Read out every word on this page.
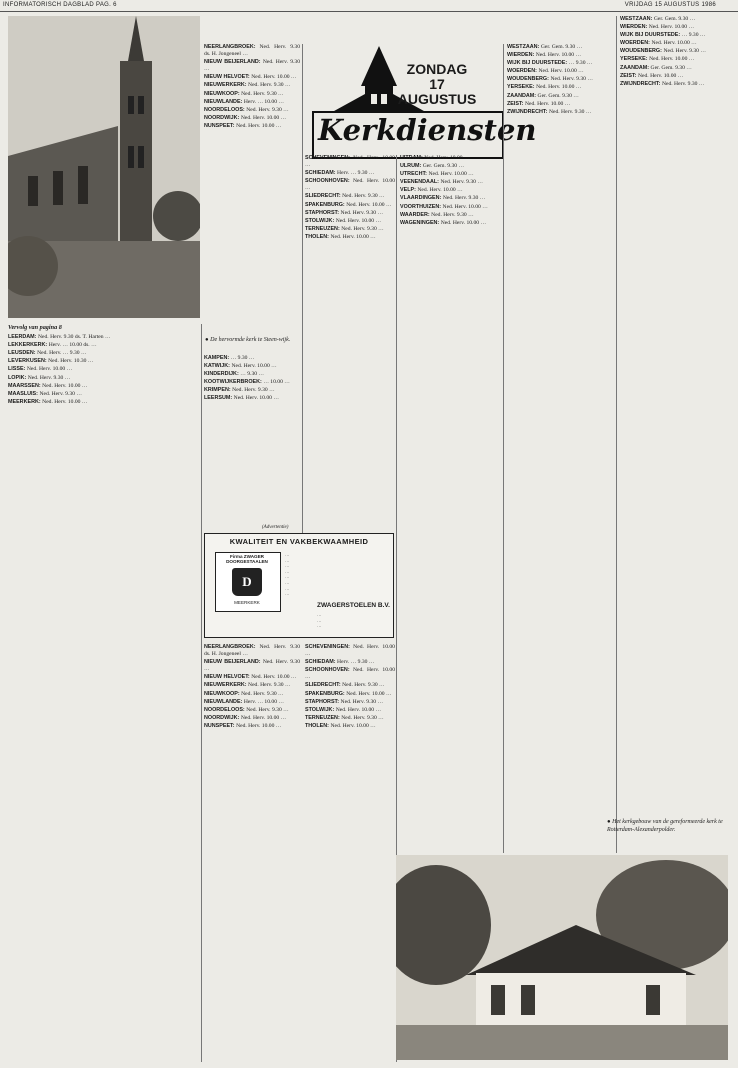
INFORMATORISCH DAGBLAD PAG. 6	VRIJDAG 15 AUGUSTUS 1986
Vervolg van pagina 8
LEERDAM: Ned. Herv. 9.30 ds. T. Harten …
LEKKERKERK: Herv. … 10.00 ds. …
LEUSDEN: Ned. Herv. … 9.30 …
LEVERKUSEN: Ned. Herv. 10.30 …
LISSE: Ned. Herv. 10.00 …
LOPIK: Ned. Herv. 9.30 …
MAARSSEN: Ned. Herv. 10.00 …
MAASLUIS: Ned. Herv. 9.30 …
MEERKERK: Ned. Herv. 10.00 …
NEERLANGBROEK: Ned. Herv. 9.30 ds. H. Jongeneel …
NIEUW BEIJERLAND: Ned. Herv. 9.30 …
NIEUW HELVOET: Ned. Herv. 10.00 …
NIEUWERKERK: Ned. Herv. 9.30 …
NIEUWKOOP: Ned. Herv. 9.30 …
NIEUWLANDE: Herv. … 10.00 …
NOORDELOOS: Ned. Herv. 9.30 …
NOORDWIJK: Ned. Herv. 10.00 …
NUNSPEET: Ned. Herv. 10.00 …
● De hervormde kerk te Steen-wijk.
KAMPEN: … 9.30 …
KATWIJK: Ned. Herv. 10.00 …
KINDERDIJK: … 9.30 …
KOOTWIJKERBROEK: … 10.00 …
KRIMPEN: Ned. Herv. 9.30 …
LEERSUM: Ned. Herv. 10.00 …
ZONDAG
17 AUGUSTUS
Kerkdiensten
NEERLANGBROEK: Ned. Herv. 9.30 ds. H. Jongeneel …
NIEUW BEIJERLAND: Ned. Herv. 9.30 …
NIEUW HELVOET: Ned. Herv. 10.00 …
NIEUWERKERK: Ned. Herv. 9.30 …
NIEUWKOOP: Ned. Herv. 9.30 …
NIEUWLANDE: Herv. … 10.00 …
NOORDELOOS: Ned. Herv. 9.30 …
NOORDWIJK: Ned. Herv. 10.00 …
NUNSPEET: Ned. Herv. 10.00 …
SCHEVENINGEN: Ned. Herv. 10.00 …
SCHIEDAM: Herv. … 9.30 …
SCHOONHOVEN: Ned. Herv. 10.00 …
SLIEDRECHT: Ned. Herv. 9.30 …
SPAKENBURG: Ned. Herv. 10.00 …
STAPHORST: Ned. Herv. 9.30 …
STOLWIJK: Ned. Herv. 10.00 …
TERNEUZEN: Ned. Herv. 9.30 …
THOLEN: Ned. Herv. 10.00 …
SCHEVENINGEN: Ned. Herv. 10.00 …
SCHIEDAM: Herv. … 9.30 …
SCHOONHOVEN: Ned. Herv. 10.00 …
SLIEDRECHT: Ned. Herv. 9.30 …
SPAKENBURG: Ned. Herv. 10.00 …
STAPHORST: Ned. Herv. 9.30 …
STOLWIJK: Ned. Herv. 10.00 …
TERNEUZEN: Ned. Herv. 9.30 …
THOLEN: Ned. Herv. 10.00 …
UITDAM: Ned. Herv. 10.00 …
ULRUM: Ger. Gem. 9.30 …
UTRECHT: Ned. Herv. 10.00 …
VEENENDAAL: Ned. Herv. 9.30 …
VELP: Ned. Herv. 10.00 …
VLAARDINGEN: Ned. Herv. 9.30 …
VOORTHUIZEN: Ned. Herv. 10.00 …
WAARDER: Ned. Herv. 9.30 …
WAGENINGEN: Ned. Herv. 10.00 …
WESTZAAN: Ger. Gem. 9.30 …
WIERDEN: Ned. Herv. 10.00 …
WIJK BIJ DUURSTEDE: … 9.30 …
WOERDEN: Ned. Herv. 10.00 …
WOUDENBERG: Ned. Herv. 9.30 …
YERSEKE: Ned. Herv. 10.00 …
ZAANDAM: Ger. Gem. 9.30 …
ZEIST: Ned. Herv. 10.00 …
ZWIJNDRECHT: Ned. Herv. 9.30 …
WESTZAAN: Ger. Gem. 9.30 …
WIERDEN: Ned. Herv. 10.00 …
WIJK BIJ DUURSTEDE: … 9.30 …
WOERDEN: Ned. Herv. 10.00 …
WOUDENBERG: Ned. Herv. 9.30 …
YERSEKE: Ned. Herv. 10.00 …
ZAANDAM: Ger. Gem. 9.30 …
ZEIST: Ned. Herv. 10.00 …
ZWIJNDRECHT: Ned. Herv. 9.30 …
(Advertentie)
KWALITEIT EN VAKBEKWAAMHEID
Firma ZWAGER DOORGESTAALEN
D
MEERKERK
…
…
…
…
…
…
…
…
ZWAGERSTOELEN B.V.
…
…
…
● Het kerkgebouw van de gereformeerde kerk te Rotterdam-Alexanderpolder.
